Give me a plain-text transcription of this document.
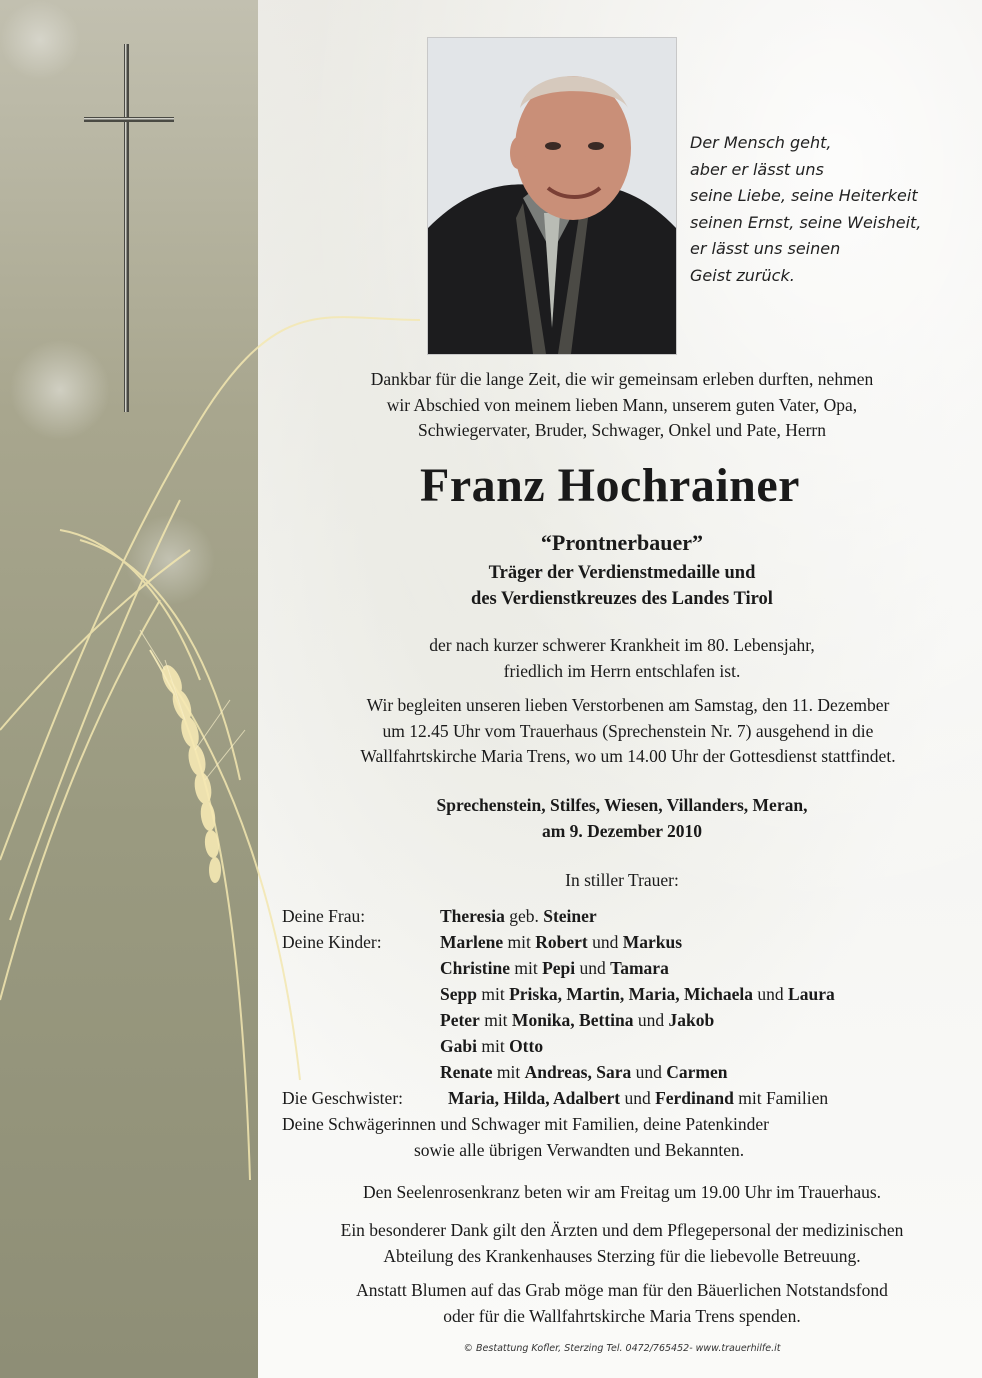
Der Mensch geht,
aber er lässt uns
seine Liebe, seine Heiterkeit
seinen Ernst, seine Weisheit,
er lässt uns seinen
Geist zurück.
Dankbar für die lange Zeit, die wir gemeinsam erleben durften, nehmen
wir Abschied von meinem lieben Mann, unserem guten Vater, Opa,
Schwiegervater, Bruder, Schwager, Onkel und Pate, Herrn
Franz Hochrainer
“Prontnerbauer”
Träger der Verdienstmedaille und
des Verdienstkreuzes des Landes Tirol
der nach kurzer schwerer Krankheit im 80. Lebensjahr,
friedlich im Herrn entschlafen ist.
Wir begleiten unseren lieben Verstorbenen am Samstag, den 11. Dezember
um 12.45 Uhr vom Trauerhaus (Sprechenstein Nr. 7) ausgehend in die
Wallfahrtskirche Maria Trens, wo um 14.00 Uhr der Gottesdienst stattfindet.
Sprechenstein, Stilfes, Wiesen, Villanders, Meran,
am 9. Dezember 2010
In stiller Trauer:
Deine Frau:	Theresia geb. Steiner
Deine Kinder:	Marlene mit Robert und Markus
Christine mit Pepi und Tamara
Sepp mit Priska, Martin, Maria, Michaela und Laura
Peter mit Monika, Bettina und Jakob
Gabi mit Otto
Renate mit Andreas, Sara und Carmen
Die Geschwister:	Maria, Hilda, Adalbert und Ferdinand mit Familien
Deine Schwägerinnen und Schwager mit Familien, deine Patenkinder
sowie alle übrigen Verwandten und Bekannten.
Den Seelenrosenkranz beten wir am Freitag um 19.00 Uhr im Trauerhaus.
Ein besonderer Dank gilt den Ärzten und dem Pflegepersonal der medizinischen
Abteilung des Krankenhauses Sterzing für die liebevolle Betreuung.
Anstatt Blumen auf das Grab möge man für den Bäuerlichen Notstandsfond
oder für die Wallfahrtskirche Maria Trens spenden.
© Bestattung Kofler, Sterzing Tel. 0472/765452- www.trauerhilfe.it
